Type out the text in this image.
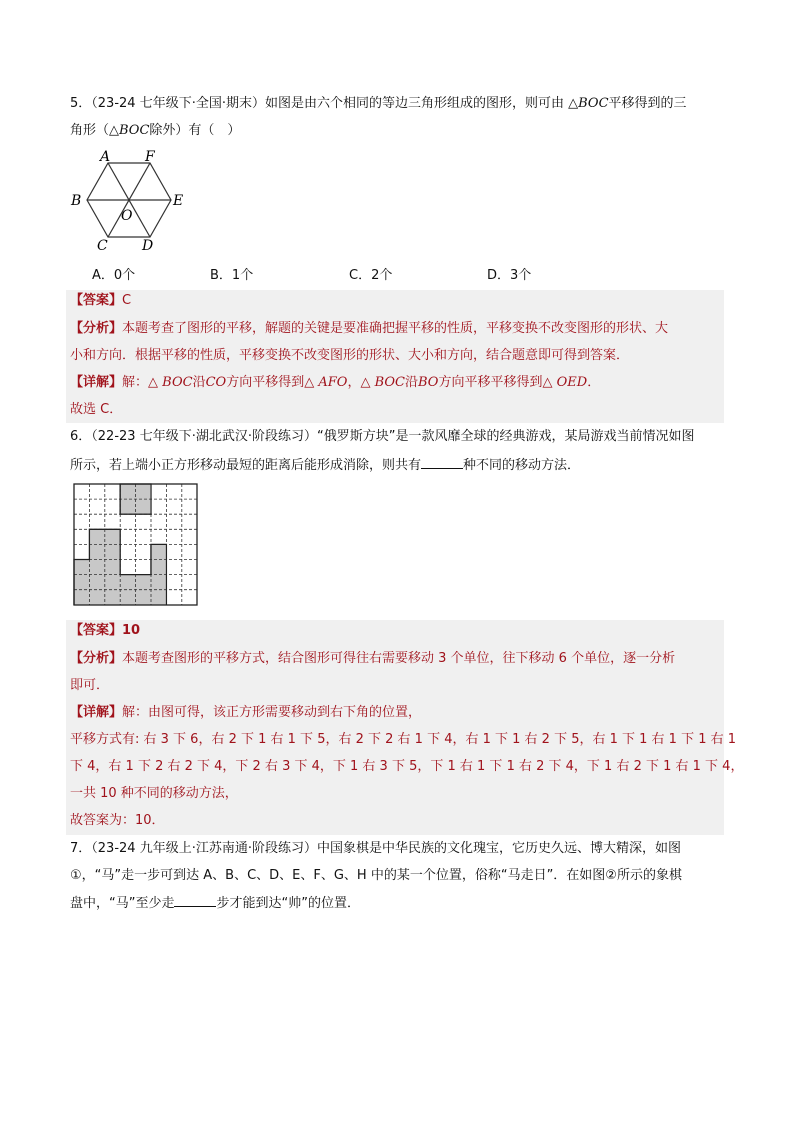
5．（23-24 七年级下·全国·期末）如图是由六个相同的等边三角形组成的图形，则可由 △BOC平移得到的三
角形（△BOC除外）有（　）
A F
B	E
O
C D
A．0个	B．1个	C．2个	D．3个
【答案】C
【分析】本题考查了图形的平移，解题的关键是要准确把握平移的性质，平移变换不改变图形的形状、大
小和方向．根据平移的性质，平移变换不改变图形的形状、大小和方向，结合题意即可得到答案．
【详解】解：△ BOC沿CO方向平移得到△ AFO，△ BOC沿BO方向平移平移得到△ OED．
故选 C．
6．（22-23 七年级下·湖北武汉·阶段练习）“俄罗斯方块”是一款风靡全球的经典游戏，某局游戏当前情况如图
所示，若上端小正方形移动最短的距离后能形成消除，则共有	种不同的移动方法．
【答案】10
【分析】本题考查图形的平移方式，结合图形可得往右需要移动 3 个单位，往下移动 6 个单位，逐一分析
即可．
【详解】解：由图可得，该正方形需要移动到右下角的位置，
平移方式有: 右 3 下 6，右 2 下 1 右 1 下 5，右 2 下 2 右 1 下 4，右 1 下 1 右 2 下 5，右 1 下 1 右 1 下 1 右 1
下 4，右 1 下 2 右 2 下 4，下 2 右 3 下 4，下 1 右 3 下 5，下 1 右 1 下 1 右 2 下 4，下 1 右 2 下 1 右 1 下 4，
一共 10 种不同的移动方法，
故答案为：10．
7．（23-24 九年级上·江苏南通·阶段练习）中国象棋是中华民族的文化瑰宝，它历史久远、博大精深，如图
①，“马”走一步可到达 A、B、C、D、E、F、G、H 中的某一个位置，俗称“马走日”．在如图②所示的象棋
盘中，“马”至少走	步才能到达“帅”的位置．
